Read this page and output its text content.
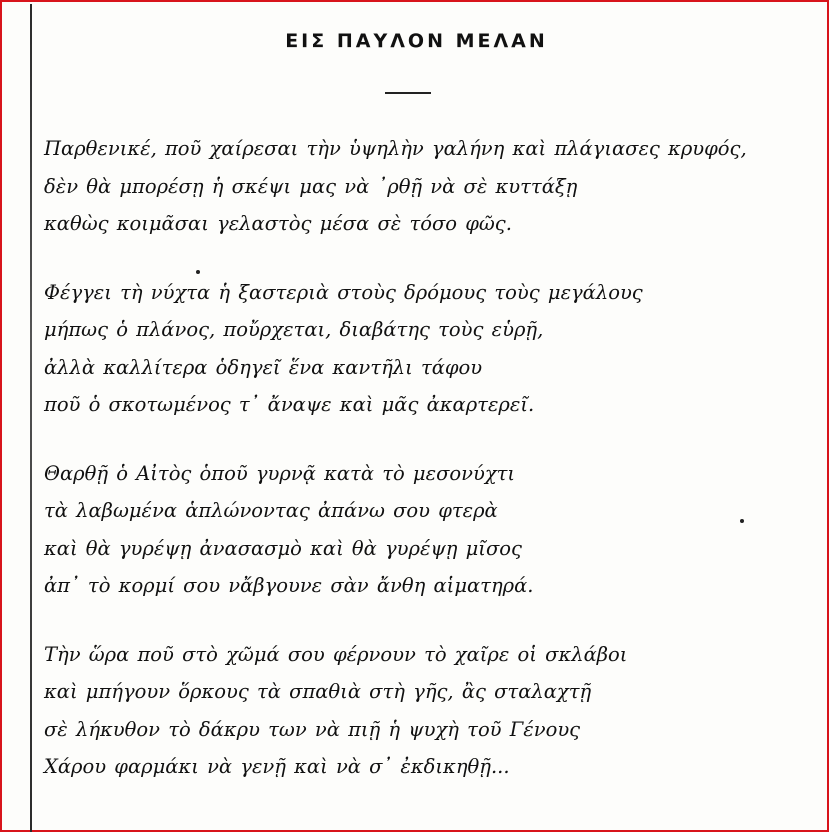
ΕΙΣ ΠΑΥΛΟΝ ΜΕΛΑΝ
Παρθενικέ, ποῦ χαίρεσαι τὴν ὑψηλὴν γαλήνη καὶ πλάγιασες κρυφός,
δὲν θὰ μπορέσῃ ἡ σκέψι μας νὰ ᾽ρθῇ νὰ σὲ κυττάξῃ
καθὼς κοιμᾶσαι γελαστὸς μέσα σὲ τόσο φῶς.
Φέγγει τὴ νύχτα ἡ ξαστεριὰ στοὺς δρόμους τοὺς μεγάλους
μήπως ὁ πλάνος, ποὔρχεται, διαβάτης τοὺς εὑρῇ,
ἀλλὰ καλλίτερα ὁδηγεῖ ἕνα καντῆλι τάφου
ποῦ ὁ σκοτωμένος τ᾽ ἄναψε καὶ μᾶς ἀκαρτερεῖ.
Θαρθῇ ὁ Αἰτὸς ὁποῦ γυρνᾷ κατὰ τὸ μεσονύχτι
τὰ λαβωμένα ἁπλώνοντας ἀπάνω σου φτερὰ
καὶ θὰ γυρέψῃ ἀνασασμὸ καὶ θὰ γυρέψῃ μῖσος
ἀπ᾽ τὸ κορμί σου νἄβγουνε σὰν ἄνθη αἱματηρά.
Τὴν ὥρα ποῦ στὸ χῶμά σου φέρνουν τὸ χαῖρε οἱ σκλάβοι
καὶ μπήγουν ὅρκους τὰ σπαθιὰ στὴ γῆς, ἂς σταλαχτῇ
σὲ λήκυθον τὸ δάκρυ των νὰ πιῇ ἡ ψυχὴ τοῦ Γένους
Χάρου φαρμάκι νὰ γενῇ καὶ νὰ σ᾽ ἐκδικηθῇ...
